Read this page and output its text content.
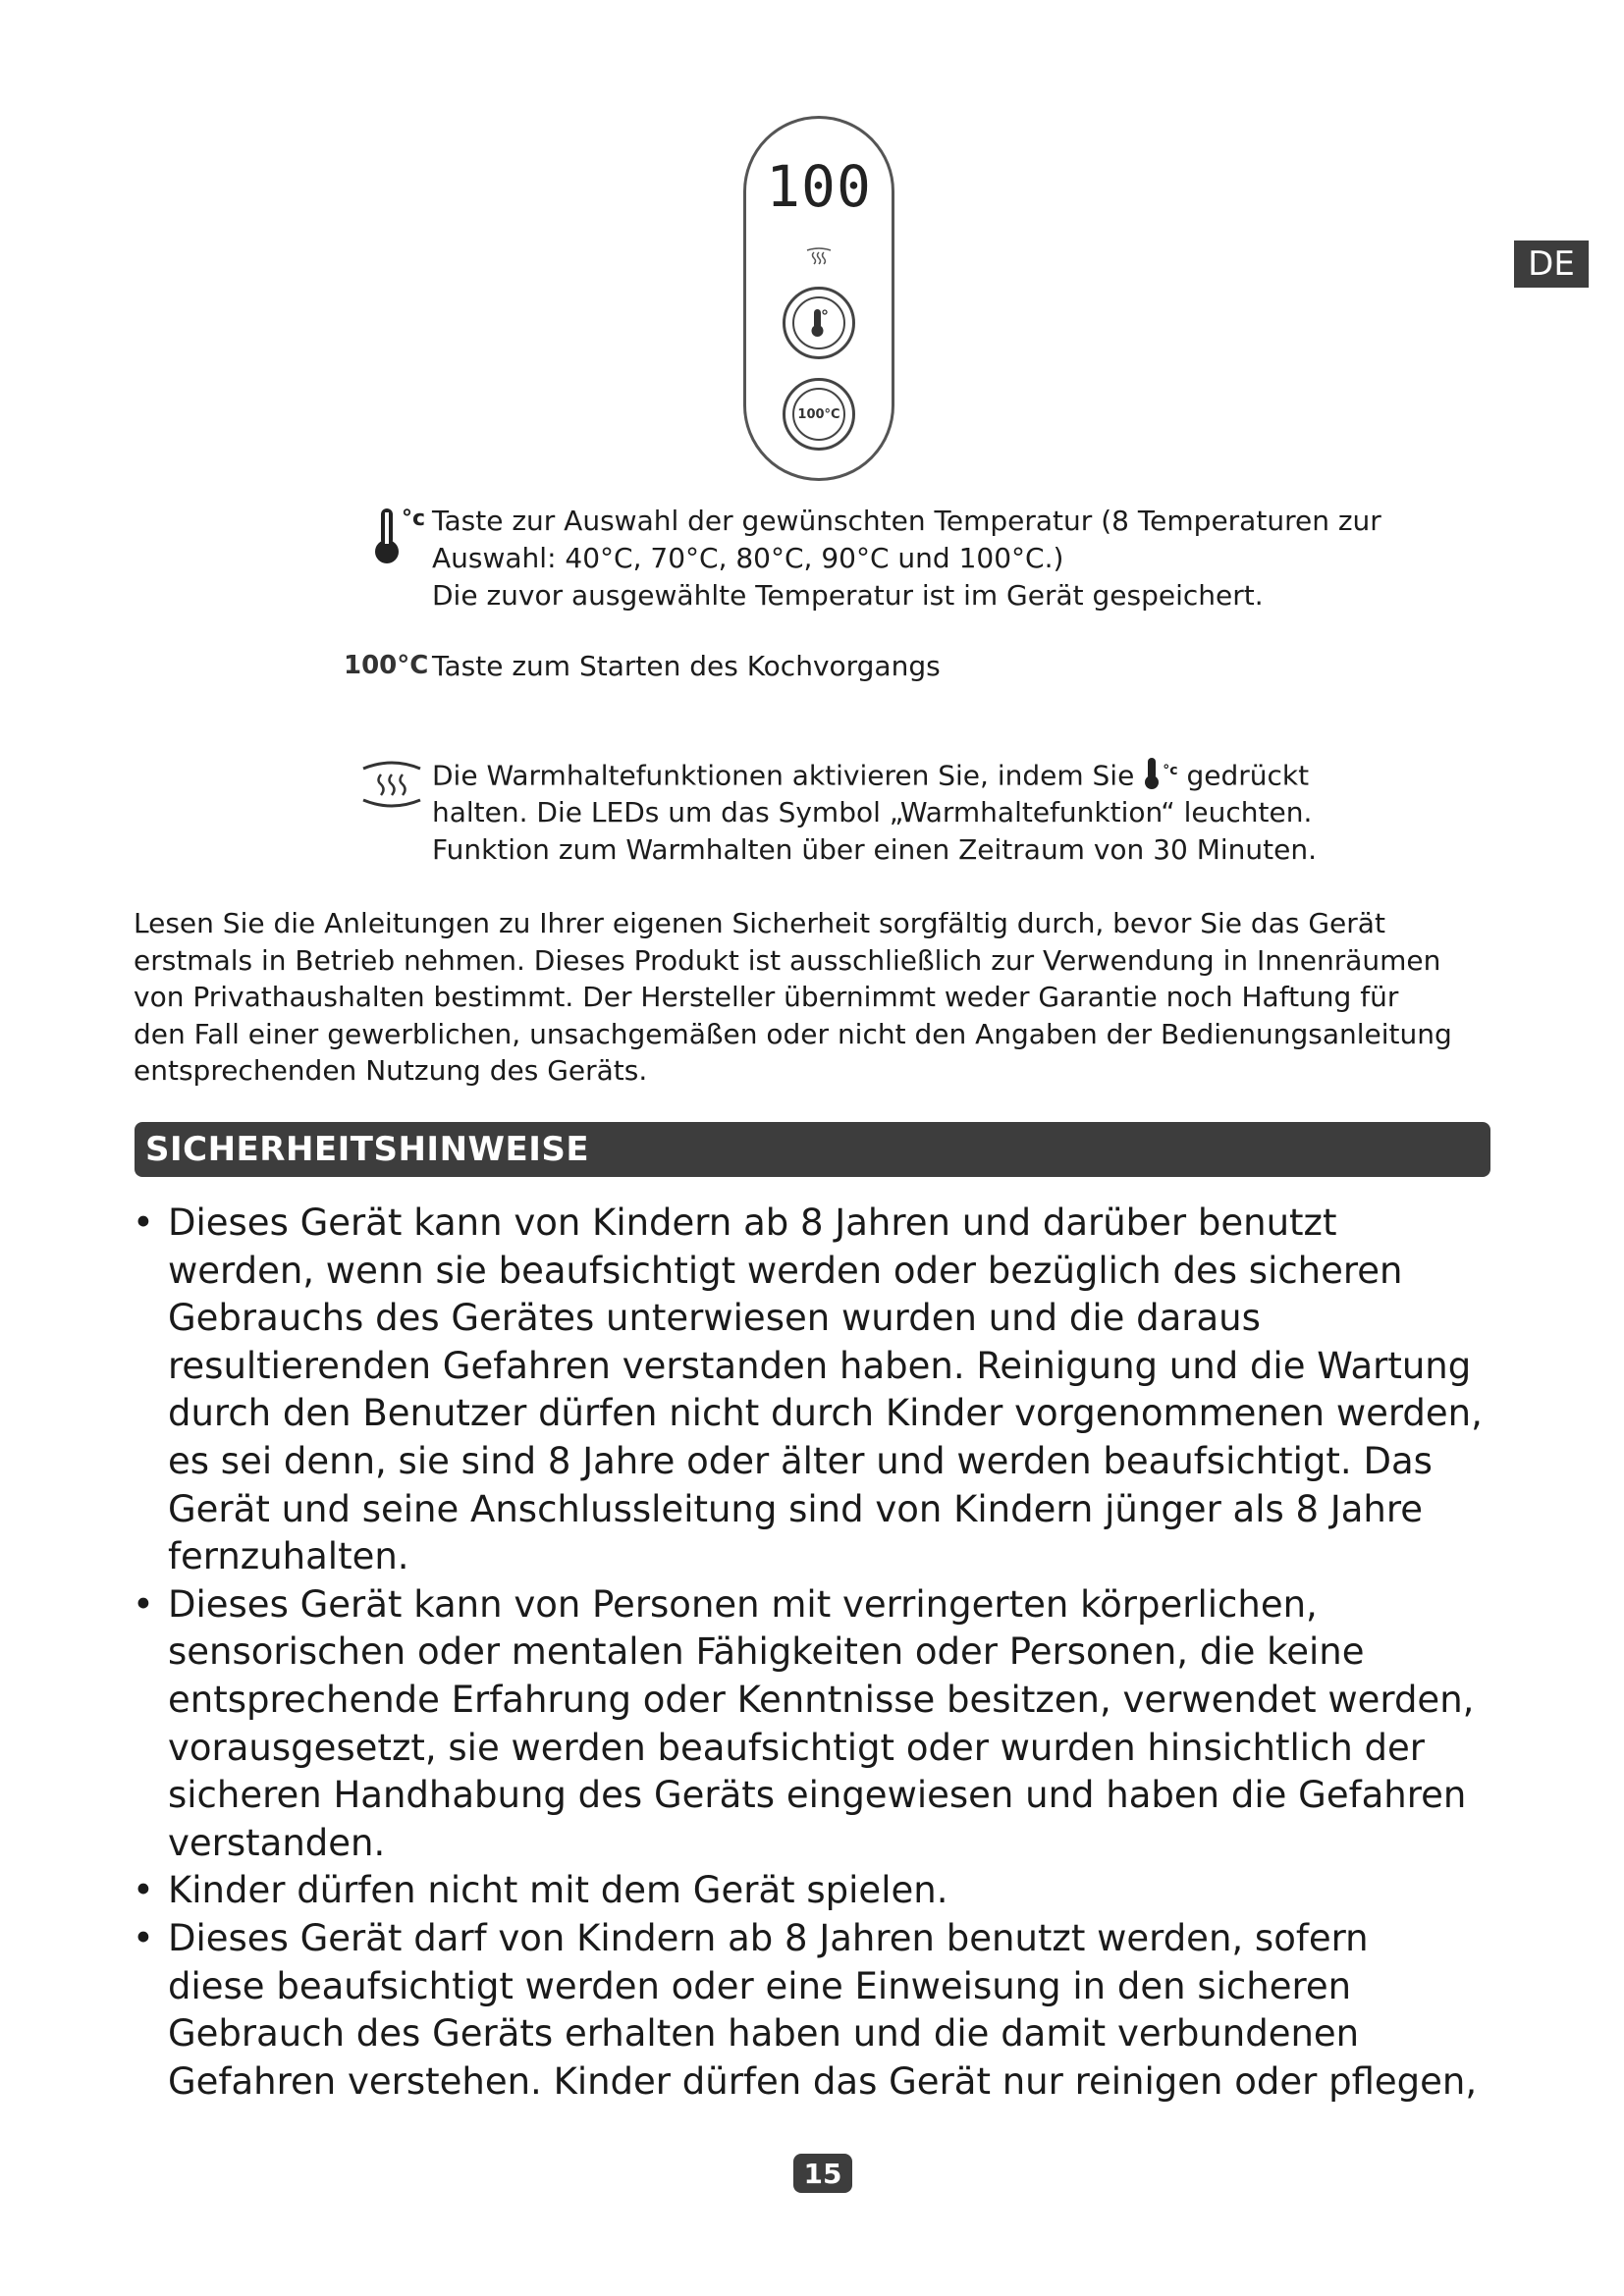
DE
100
100°C
°c Taste zur Auswahl der gewünschten Temperatur (8 Temperaturen zur
Auswahl: 40°C, 70°C, 80°C, 90°C und 100°C.)
Die zuvor ausgewählte Temperatur ist im Gerät gespeichert.
100°C Taste zum Starten des Kochvorgangs
Die Warmhaltefunktionen aktivieren Sie, indem Sie $^{^\circ c}$ gedrückt
halten. Die LEDs um das Symbol „Warmhaltefunktion“ leuchten.
Funktion zum Warmhalten über einen Zeitraum von 30 Minuten.
Lesen Sie die Anleitungen zu Ihrer eigenen Sicherheit sorgfältig durch, bevor Sie das Gerät
erstmals in Betrieb nehmen. Dieses Produkt ist ausschließlich zur Verwendung in Innenräumen
von Privathaushalten bestimmt. Der Hersteller übernimmt weder Garantie noch Haftung für
den Fall einer gewerblichen, unsachgemäßen oder nicht den Angaben der Bedienungsanleitung
entsprechenden Nutzung des Geräts.
SICHERHEITSHINWEISE
• Dieses Gerät kann von Kindern ab 8 Jahren und darüber benutzt
werden, wenn sie beaufsichtigt werden oder bezüglich des sicheren
Gebrauchs des Gerätes unterwiesen wurden und die daraus
resultierenden Gefahren verstanden haben. Reinigung und die Wartung
durch den Benutzer dürfen nicht durch Kinder vorgenommenen werden,
es sei denn, sie sind 8 Jahre oder älter und werden beaufsichtigt. Das
Gerät und seine Anschlussleitung sind von Kindern jünger als 8 Jahre
fernzuhalten.
• Dieses Gerät kann von Personen mit verringerten körperlichen,
sensorischen oder mentalen Fähigkeiten oder Personen, die keine
entsprechende Erfahrung oder Kenntnisse besitzen, verwendet werden,
vorausgesetzt, sie werden beaufsichtigt oder wurden hinsichtlich der
sicheren Handhabung des Geräts eingewiesen und haben die Gefahren
verstanden.
• Kinder dürfen nicht mit dem Gerät spielen.
• Dieses Gerät darf von Kindern ab 8 Jahren benutzt werden, sofern
diese beaufsichtigt werden oder eine Einweisung in den sicheren
Gebrauch des Geräts erhalten haben und die damit verbundenen
Gefahren verstehen. Kinder dürfen das Gerät nur reinigen oder pflegen,
15
